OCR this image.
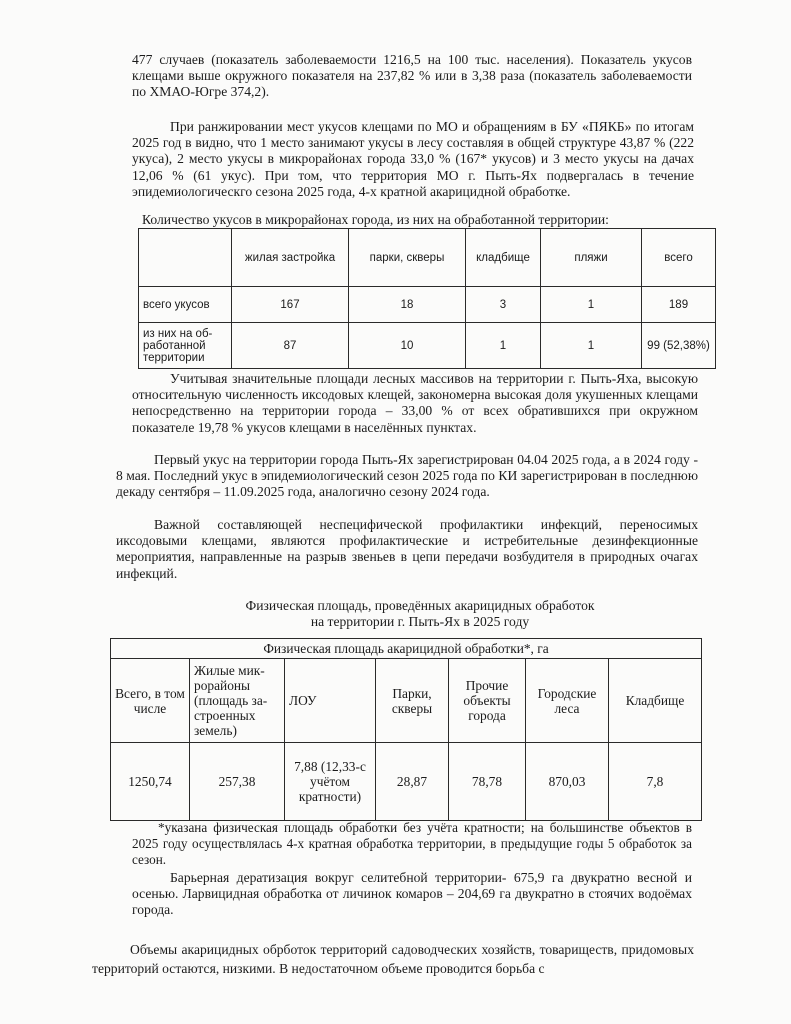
477 случаев (показатель заболеваемости 1216,5 на 100 тыс. населения). Показатель укусов клещами выше окружного показателя на 237,82 % или в 3,38 раза (показатель заболеваемости по ХМАО-Югре 374,2).

При ранжировании мест укусов клещами по МО и обращениям в БУ «ПЯКБ» по итогам 2025 год в видно, что 1 место занимают укусы в лесу составляя в общей структуре 43,87 % (222 укуса), 2 место укусы в микрорайонах города 33,0 % (167* укусов) и 3 место укусы на дачах 12,06 % (61 укус). При том, что территория МО г. Пыть-Ях подвергалась в течение эпидемиологическго сезона 2025 года, 4-х кратной акарицидной обработке.

Количество укусов в микрорайонах города, из них на обработанной территории:
	жилая застройка	парки, скверы	кладбище	пляжи	всего
всего укусов	167	18	3	1	189
из них на об-работанной территории	87	10	1	1	99 (52,38%)

Учитывая значительные площади лесных массивов на территории г. Пыть-Яха, высокую относительную численность иксодовых клещей, закономерна высокая доля укушенных клещами непосредственно на территории города – 33,00 % от всех обратившихся при окружном показателе 19,78 % укусов клещами в населённых пунктах.

Первый укус на территории города Пыть-Ях зарегистрирован 04.04 2025 года, а в 2024 году - 8 мая. Последний укус в эпидемиологический сезон 2025 года по КИ зарегистрирован в последнюю декаду сентября – 11.09.2025 года, аналогично сезону 2024 года.

Важной составляющей неспецифической профилактики инфекций, переносимых иксодовыми клещами, являются профилактические и истребительные дезинфекционные мероприятия, направленные на разрыв звеньев в цепи передачи возбудителя в природных очагах инфекций.

Физическая площадь, проведённых акарицидных обработок
на территории г. Пыть-Ях в 2025 году
Физическая площадь акарицидной обработки*, га						
Всего, в том числе	Жилые мик-рорайоны (площадь за-строенных земель)	ЛОУ	Парки, скверы	Прочие объекты города	Городские леса	Кладбище
1250,74	257,38	7,88 (12,33-с учётом кратности)	28,87	78,78	870,03	7,8

*указана физическая площадь обработки без учёта кратности; на большинстве объектов в 2025 году осуществлялась 4-х кратная обработка территории, в предыдущие годы 5 обработок за сезон.

Барьерная дератизация вокруг селитебной территории- 675,9 га двукратно весной и осенью. Ларвицидная обработка от личинок комаров – 204,69 га двукратно в стоячих водоёмах города.

Объемы акарицидных обрботок территорий садоводческих хозяйств, товариществ, придомовых территорий остаются, низкими. В недостаточном объеме проводится борьба с
